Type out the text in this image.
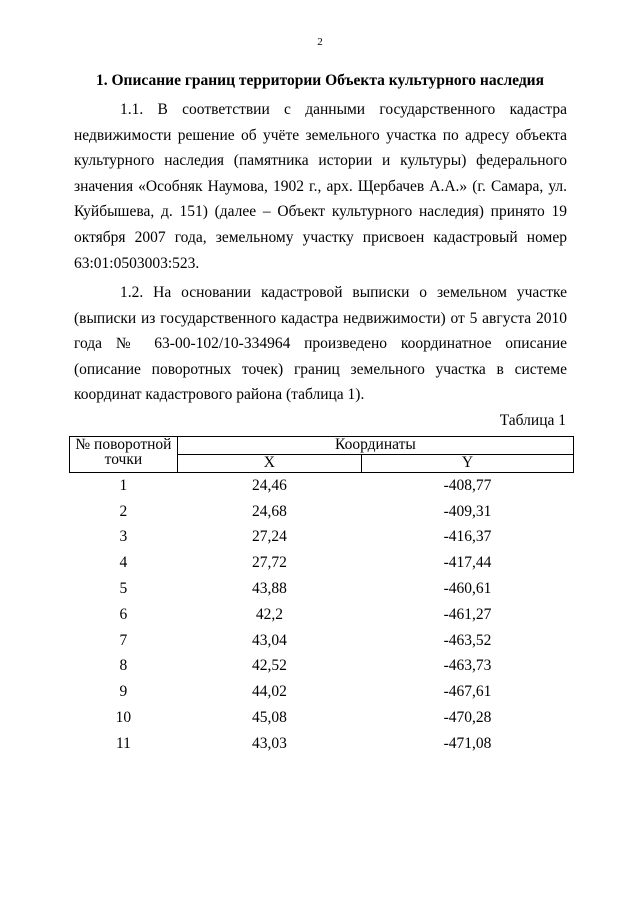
2
1. Описание границ территории Объекта культурного наследия

1.1. В соответствии с данными государственного кадастра недвижимости решение об учёте земельного участка по адресу объекта культурного наследия (памятника истории и культуры) федерального значения «Особняк Наумова, 1902 г., арх. Щербачев А.А.» (г. Самара, ул. Куйбышева, д. 151) (далее – Объект культурного наследия) принято 19 октября 2007 года, земельному участку присвоен кадастровый номер 63:01:0503003:523.

1.2. На основании кадастровой выписки о земельном участке (выписки из государственного кадастра недвижимости) от 5 августа 2010 года № 63-00-102/10-334964 произведено координатное описание (описание поворотных точек) границ земельного участка в системе координат кадастрового района (таблица 1).

Таблица 1
№ поворотной точки	Координаты	
	X	Y
1	24,46	-408,77
2	24,68	-409,31
3	27,24	-416,37
4	27,72	-417,44
5	43,88	-460,61
6	42,2	-461,27
7	43,04	-463,52
8	42,52	-463,73
9	44,02	-467,61
10	45,08	-470,28
11	43,03	-471,08
